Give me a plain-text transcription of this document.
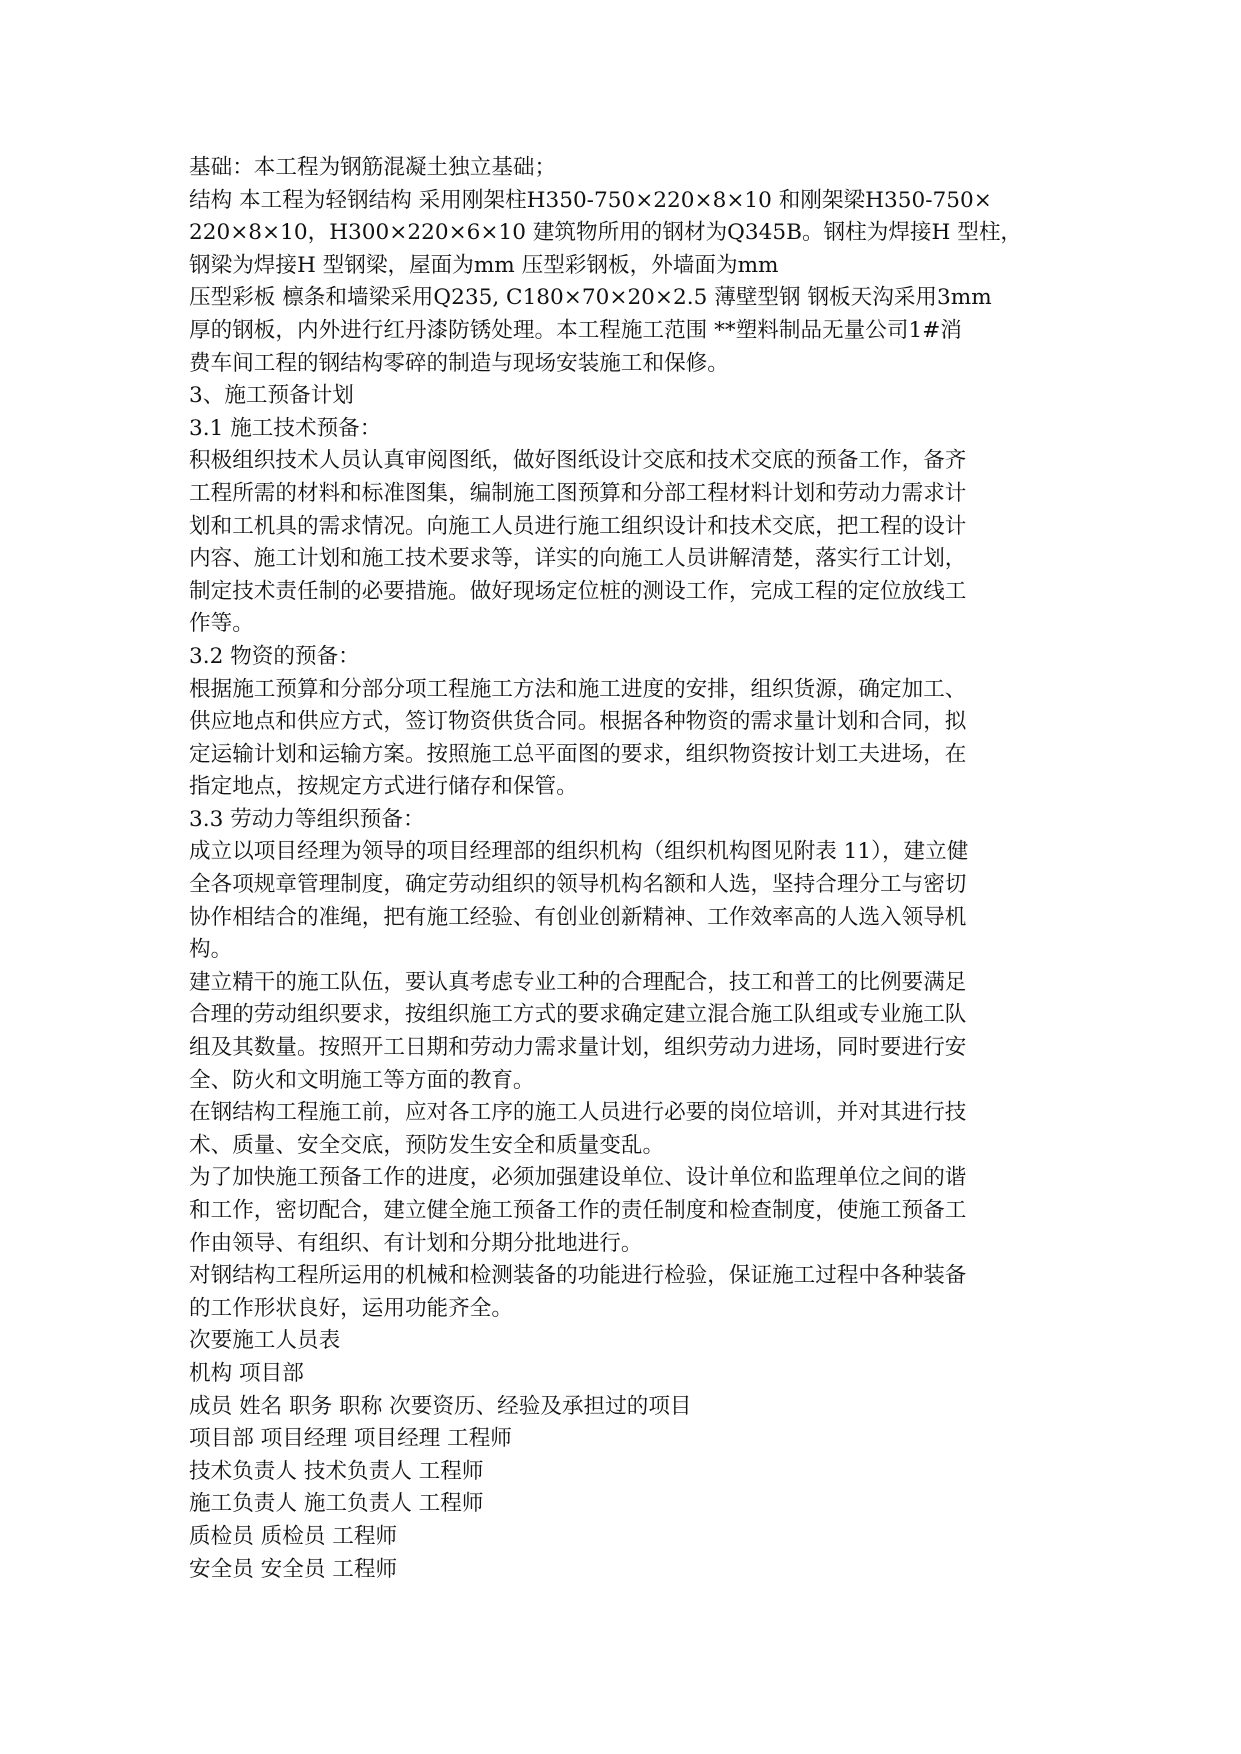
基础：本工程为钢筋混凝土独立基础；
结构 本工程为轻钢结构 采用刚架柱H350-750×220×8×10 和刚架梁H350-750×
220×8×10，H300×220×6×10 建筑物所用的钢材为Q345B。钢柱为焊接H 型柱，
钢梁为焊接H 型钢梁，屋面为mm 压型彩钢板，外墙面为mm
压型彩板 檩条和墙梁采用Q235, C180×70×20×2.5 薄壁型钢 钢板天沟采用3mm
厚的钢板，内外进行红丹漆防锈处理。本工程施工范围 **塑料制品无量公司1#消
费车间工程的钢结构零碎的制造与现场安装施工和保修。
3、施工预备计划
3.1 施工技术预备：
积极组织技术人员认真审阅图纸，做好图纸设计交底和技术交底的预备工作，备齐
工程所需的材料和标准图集，编制施工图预算和分部工程材料计划和劳动力需求计
划和工机具的需求情况。向施工人员进行施工组织设计和技术交底，把工程的设计
内容、施工计划和施工技术要求等，详实的向施工人员讲解清楚，落实行工计划，
制定技术责任制的必要措施。做好现场定位桩的测设工作，完成工程的定位放线工
作等。
3.2 物资的预备：
根据施工预算和分部分项工程施工方法和施工进度的安排，组织货源，确定加工、
供应地点和供应方式，签订物资供货合同。根据各种物资的需求量计划和合同，拟
定运输计划和运输方案。按照施工总平面图的要求，组织物资按计划工夫进场，在
指定地点，按规定方式进行储存和保管。
3.3 劳动力等组织预备：
成立以项目经理为领导的项目经理部的组织机构（组织机构图见附表 11），建立健
全各项规章管理制度，确定劳动组织的领导机构名额和人选，坚持合理分工与密切
协作相结合的准绳，把有施工经验、有创业创新精神、工作效率高的人选入领导机
构。
建立精干的施工队伍，要认真考虑专业工种的合理配合，技工和普工的比例要满足
合理的劳动组织要求，按组织施工方式的要求确定建立混合施工队组或专业施工队
组及其数量。按照开工日期和劳动力需求量计划，组织劳动力进场，同时要进行安
全、防火和文明施工等方面的教育。
在钢结构工程施工前，应对各工序的施工人员进行必要的岗位培训，并对其进行技
术、质量、安全交底，预防发生安全和质量变乱。
为了加快施工预备工作的进度，必须加强建设单位、设计单位和监理单位之间的谐
和工作，密切配合，建立健全施工预备工作的责任制度和检查制度，使施工预备工
作由领导、有组织、有计划和分期分批地进行。
对钢结构工程所运用的机械和检测装备的功能进行检验，保证施工过程中各种装备
的工作形状良好，运用功能齐全。
次要施工人员表
机构 项目部
成员 姓名 职务 职称 次要资历、经验及承担过的项目
项目部 项目经理 项目经理 工程师
技术负责人 技术负责人 工程师
施工负责人 施工负责人 工程师
质检员 质检员 工程师
安全员 安全员 工程师
